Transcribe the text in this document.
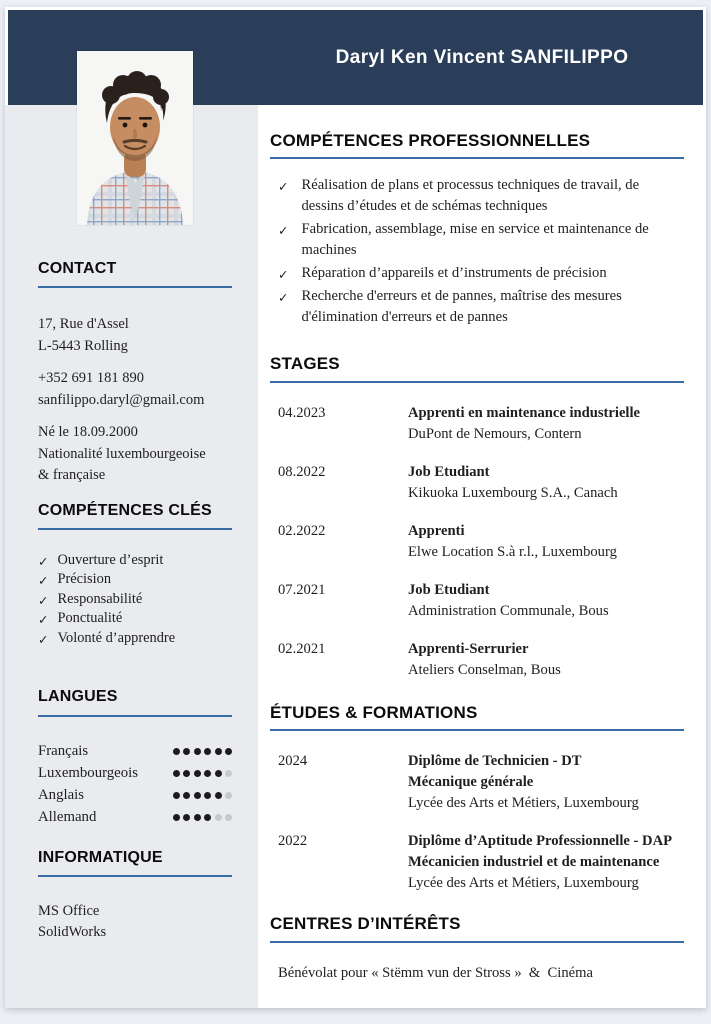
Daryl Ken Vincent SANFILIPPO
CONTACT
17, Rue d'Assel
L-5443 Rolling
+352 691 181 890
sanfilippo.daryl@gmail.com
Né le 18.09.2000
Nationalité luxembourgeoise
& française
COMPÉTENCES CLÉS
✓ Ouverture d’esprit
✓ Précision
✓ Responsabilité
✓ Ponctualité
✓ Volonté d’apprendre
LANGUES
Français
Luxembourgeois
Anglais
Allemand
INFORMATIQUE
MS Office
SolidWorks
COMPÉTENCES PROFESSIONNELLES
✓ Réalisation de plans et processus techniques de travail, de dessins d’études et de schémas techniques
✓ Fabrication, assemblage, mise en service et maintenance de machines
✓ Réparation d’appareils et d’instruments de précision
✓ Recherche d'erreurs et de pannes, maîtrise des mesures d'élimination d'erreurs et de pannes
STAGES
04.2023	Apprenti en maintenance industrielle
DuPont de Nemours, Contern
08.2022	Job Etudiant
Kikuoka Luxembourg S.A., Canach
02.2022	Apprenti
Elwe Location S.à r.l., Luxembourg
07.2021	Job Etudiant
Administration Communale, Bous
02.2021	Apprenti-Serrurier
Ateliers Conselman, Bous
ÉTUDES & FORMATIONS
2024	Diplôme de Technicien - DT
Mécanique générale
Lycée des Arts et Métiers, Luxembourg
2022	Diplôme d’Aptitude Professionnelle - DAP
Mécanicien industriel et de maintenance
Lycée des Arts et Métiers, Luxembourg
CENTRES D’INTÉRÊTS
Bénévolat pour « Stëmm vun der Stross »  &  Cinéma
